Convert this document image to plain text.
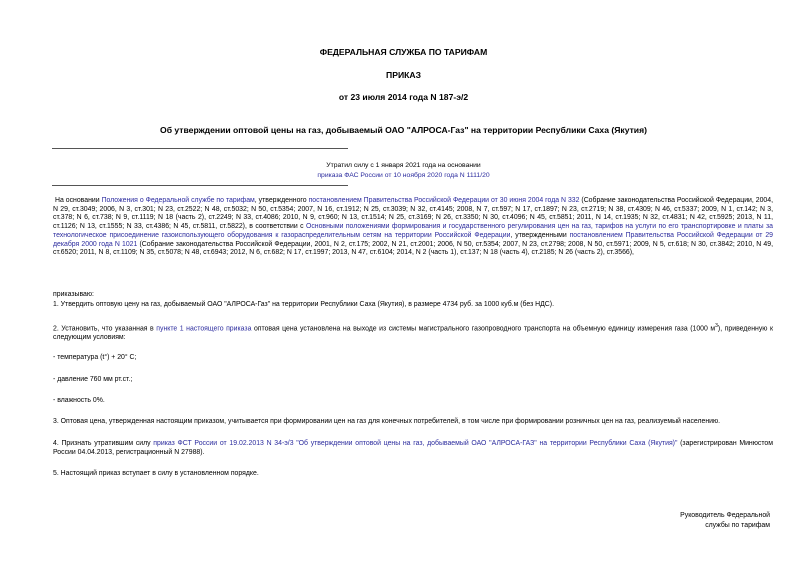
ФЕДЕРАЛЬНАЯ СЛУЖБА ПО ТАРИФАМ
ПРИКАЗ
от 23 июля 2014 года N 187-э/2
Об утверждении оптовой цены на газ, добываемый ОАО "АЛРОСА-Газ" на территории Республики Саха (Якутия)
Утратил силу с 1 января 2021 года на основании
приказа ФАС России от 10 ноября 2020 года N 1111/20
На основании Положения о Федеральной службе по тарифам, утвержденного постановлением Правительства Российской Федерации от 30 июня 2004 года N 332 (Собрание законодательства Российской Федерации, 2004, N 29, ст.3049; 2006, N 3, ст.301; N 23, ст.2522; N 48, ст.5032; N 50, ст.5354; 2007, N 16, ст.1912; N 25, ст.3039; N 32, ст.4145; 2008, N 7, ст.597; N 17, ст.1897; N 23, ст.2719; N 38, ст.4309; N 46, ст.5337; 2009, N 1, ст.142; N 3, ст.378; N 6, ст.738; N 9, ст.1119; N 18 (часть 2), ст.2249; N 33, ст.4086; 2010, N 9, ст.960; N 13, ст.1514; N 25, ст.3169; N 26, ст.3350; N 30, ст.4096; N 45, ст.5851; 2011, N 14, ст.1935; N 32, ст.4831; N 42, ст.5925; 2013, N 11, ст.1126; N 13, ст.1555; N 33, ст.4386; N 45, ст.5811, ст.5822), в соответствии с Основными положениями формирования и государственного регулирования цен на газ, тарифов на услуги по его транспортировке и платы за технологическое присоединение газоиспользующего оборудования к газораспределительным сетям на территории Российской Федерации, утвержденными постановлением Правительства Российской Федерации от 29 декабря 2000 года N 1021 (Собрание законодательства Российской Федерации, 2001, N 2, ст.175; 2002, N 21, ст.2001; 2006, N 50, ст.5354; 2007, N 23, ст.2798; 2008, N 50, ст.5971; 2009, N 5, ст.618; N 30, ст.3842; 2010, N 49, ст.6520; 2011, N 8, ст.1109; N 35, ст.5078; N 48, ст.6943; 2012, N 6, ст.682; N 17, ст.1997; 2013, N 47, ст.6104; 2014, N 2 (часть 1), ст.137; N 18 (часть 4), ст.2185; N 26 (часть 2), ст.3566),
приказываю:
1. Утвердить оптовую цену на газ, добываемый ОАО "АЛРОСА-Газ" на территории Республики Саха (Якутия), в размере 4734 руб. за 1000 куб.м (без НДС).
2. Установить, что указанная в пункте 1 настоящего приказа оптовая цена установлена на выходе из системы магистрального газопроводного транспорта на объемную единицу измерения газа (1000 $м^3$), приведенную к следующим условиям:
- температура (t°) + 20° С;
- давление 760 мм рт.ст.;
- влажность 0%.
3. Оптовая цена, утвержденная настоящим приказом, учитывается при формировании цен на газ для конечных потребителей, в том числе при формировании розничных цен на газ, реализуемый населению.
4. Признать утратившим силу приказ ФСТ России от 19.02.2013 N 34-э/3 "Об утверждении оптовой цены на газ, добываемый ОАО "АЛРОСА-ГАЗ" на территории Республики Саха (Якутия)" (зарегистрирован Минюстом России 04.04.2013, регистрационный N 27988).
5. Настоящий приказ вступает в силу в установленном порядке.
Руководитель Федеральной
службы по тарифам
